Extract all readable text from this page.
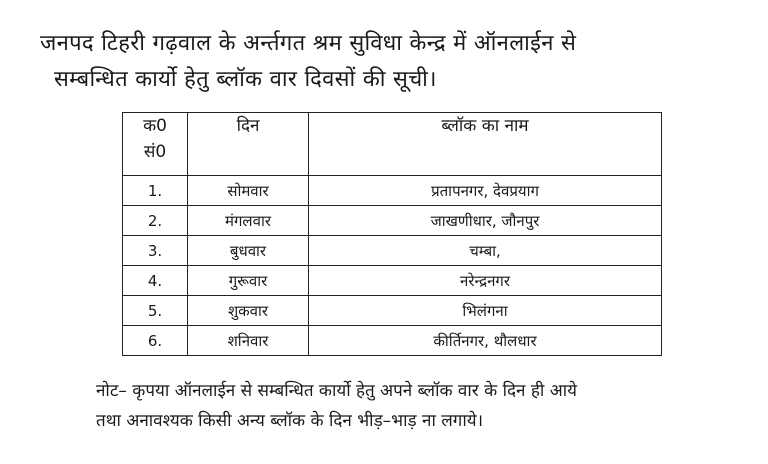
जनपद टिहरी गढ़वाल के अर्न्तगत श्रम सुविधा केन्द्र में ऑनलाईन से
सम्बन्धित कार्यो हेतु ब्लॉक वार दिवसों की सूची।
क0
सं0	दिन	ब्लॉक का नाम
1.	सोमवार	प्रतापनगर, देवप्रयाग
2.	मंगलवार	जाखणीधार, जौनपुर
3.	बुधवार	चम्बा,
4.	गुरूवार	नरेन्द्रनगर
5.	शुकवार	भिलंगना
6.	शनिवार	कीर्तिनगर, थौलधार
नोट– कृपया ऑनलाईन से सम्बन्धित कार्यो हेतु अपने ब्लॉक वार के दिन ही आये
तथा अनावश्यक किसी अन्य ब्लॉक के दिन भीड़–भाड़ ना लगाये।
